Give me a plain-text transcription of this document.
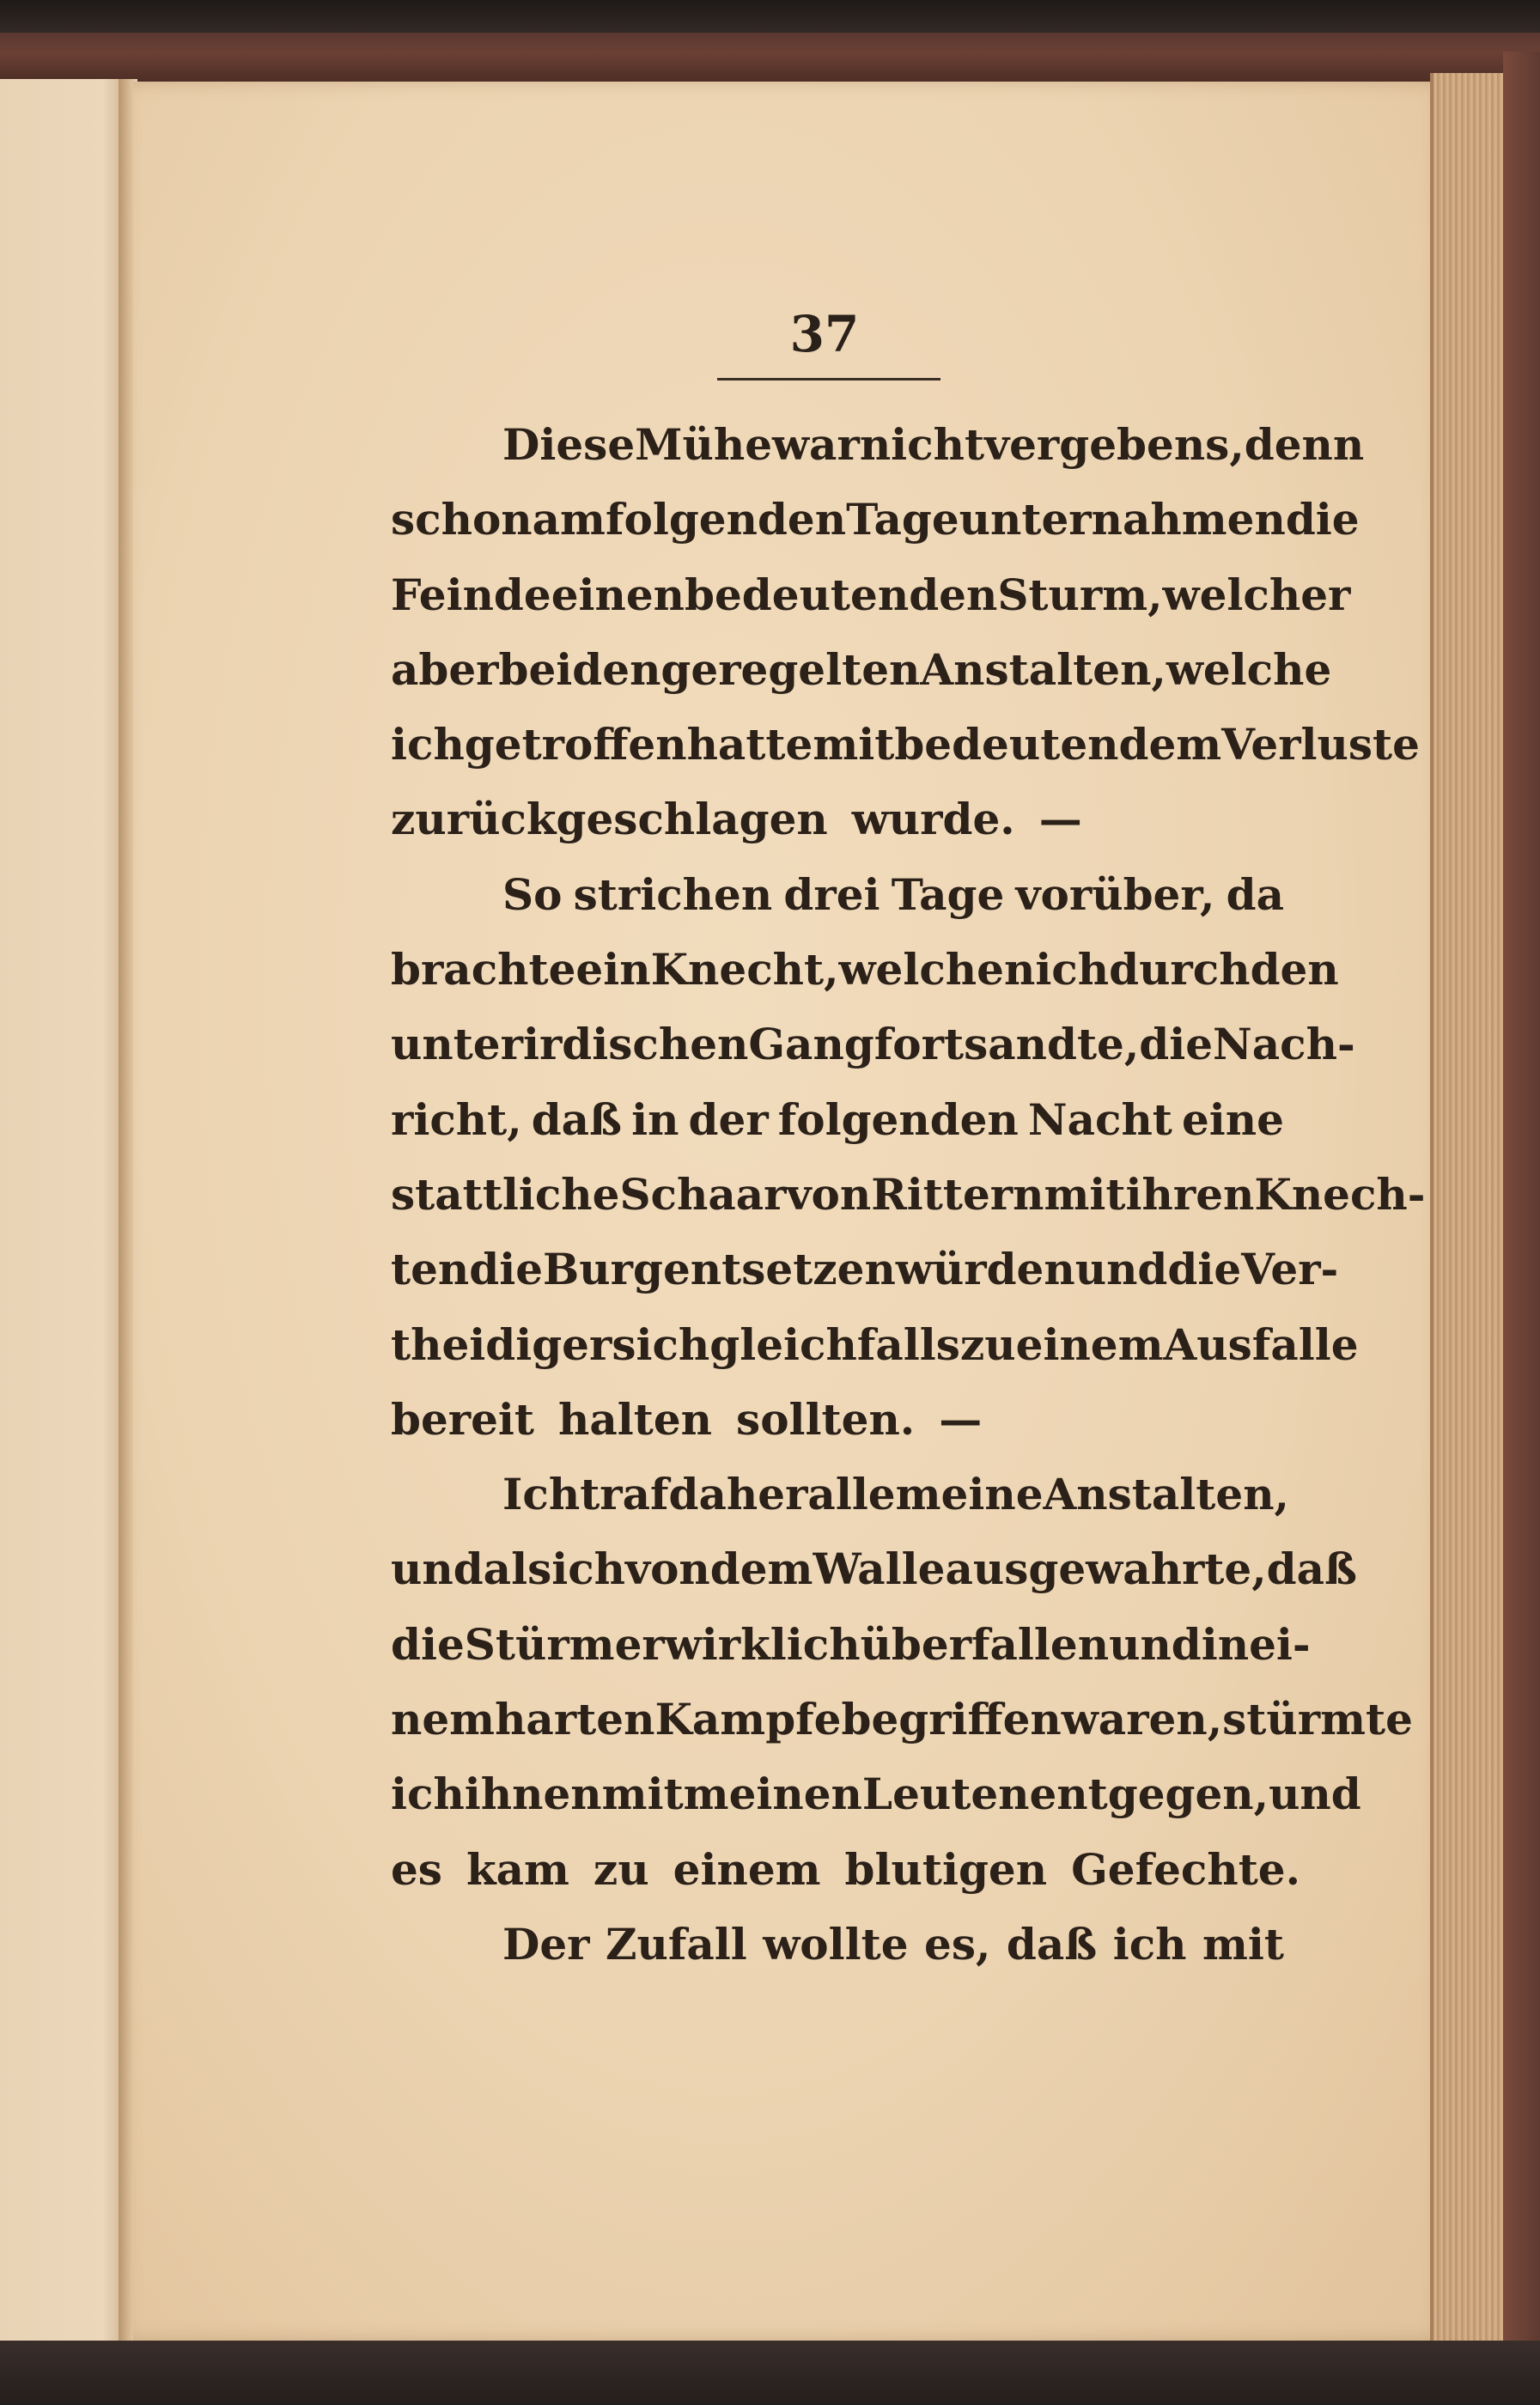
37
Diese Mühe war nicht vergebens, denn
schon am folgenden Tage unternahmen die
Feinde einen bedeutenden Sturm, welcher
aber bei den geregelten Anstalten, welche
ich getroffen hatte mit bedeutendem Verluste
zurückgeschlagen wurde. —
So strichen drei Tage vorüber, da
brachte ein Knecht, welchen ich durch den
unterirdischen Gang fortsandte, die Nach-
richt, daß in der folgenden Nacht eine
stattliche Schaar von Rittern mit ihren Knech-
ten die Burg entsetzen würden und die Ver-
theidiger sich gleichfalls zu einem Ausfalle
bereit halten sollten. —
Ich traf daher alle meine Anstalten,
und als ich von dem Walle aus gewahrte, daß
die Stürmer wirklich überfallen und in ei-
nem harten Kampfe begriffen waren, stürmte
ich ihnen mit meinen Leuten entgegen, und
es kam zu einem blutigen Gefechte.
Der Zufall wollte es, daß ich mit
